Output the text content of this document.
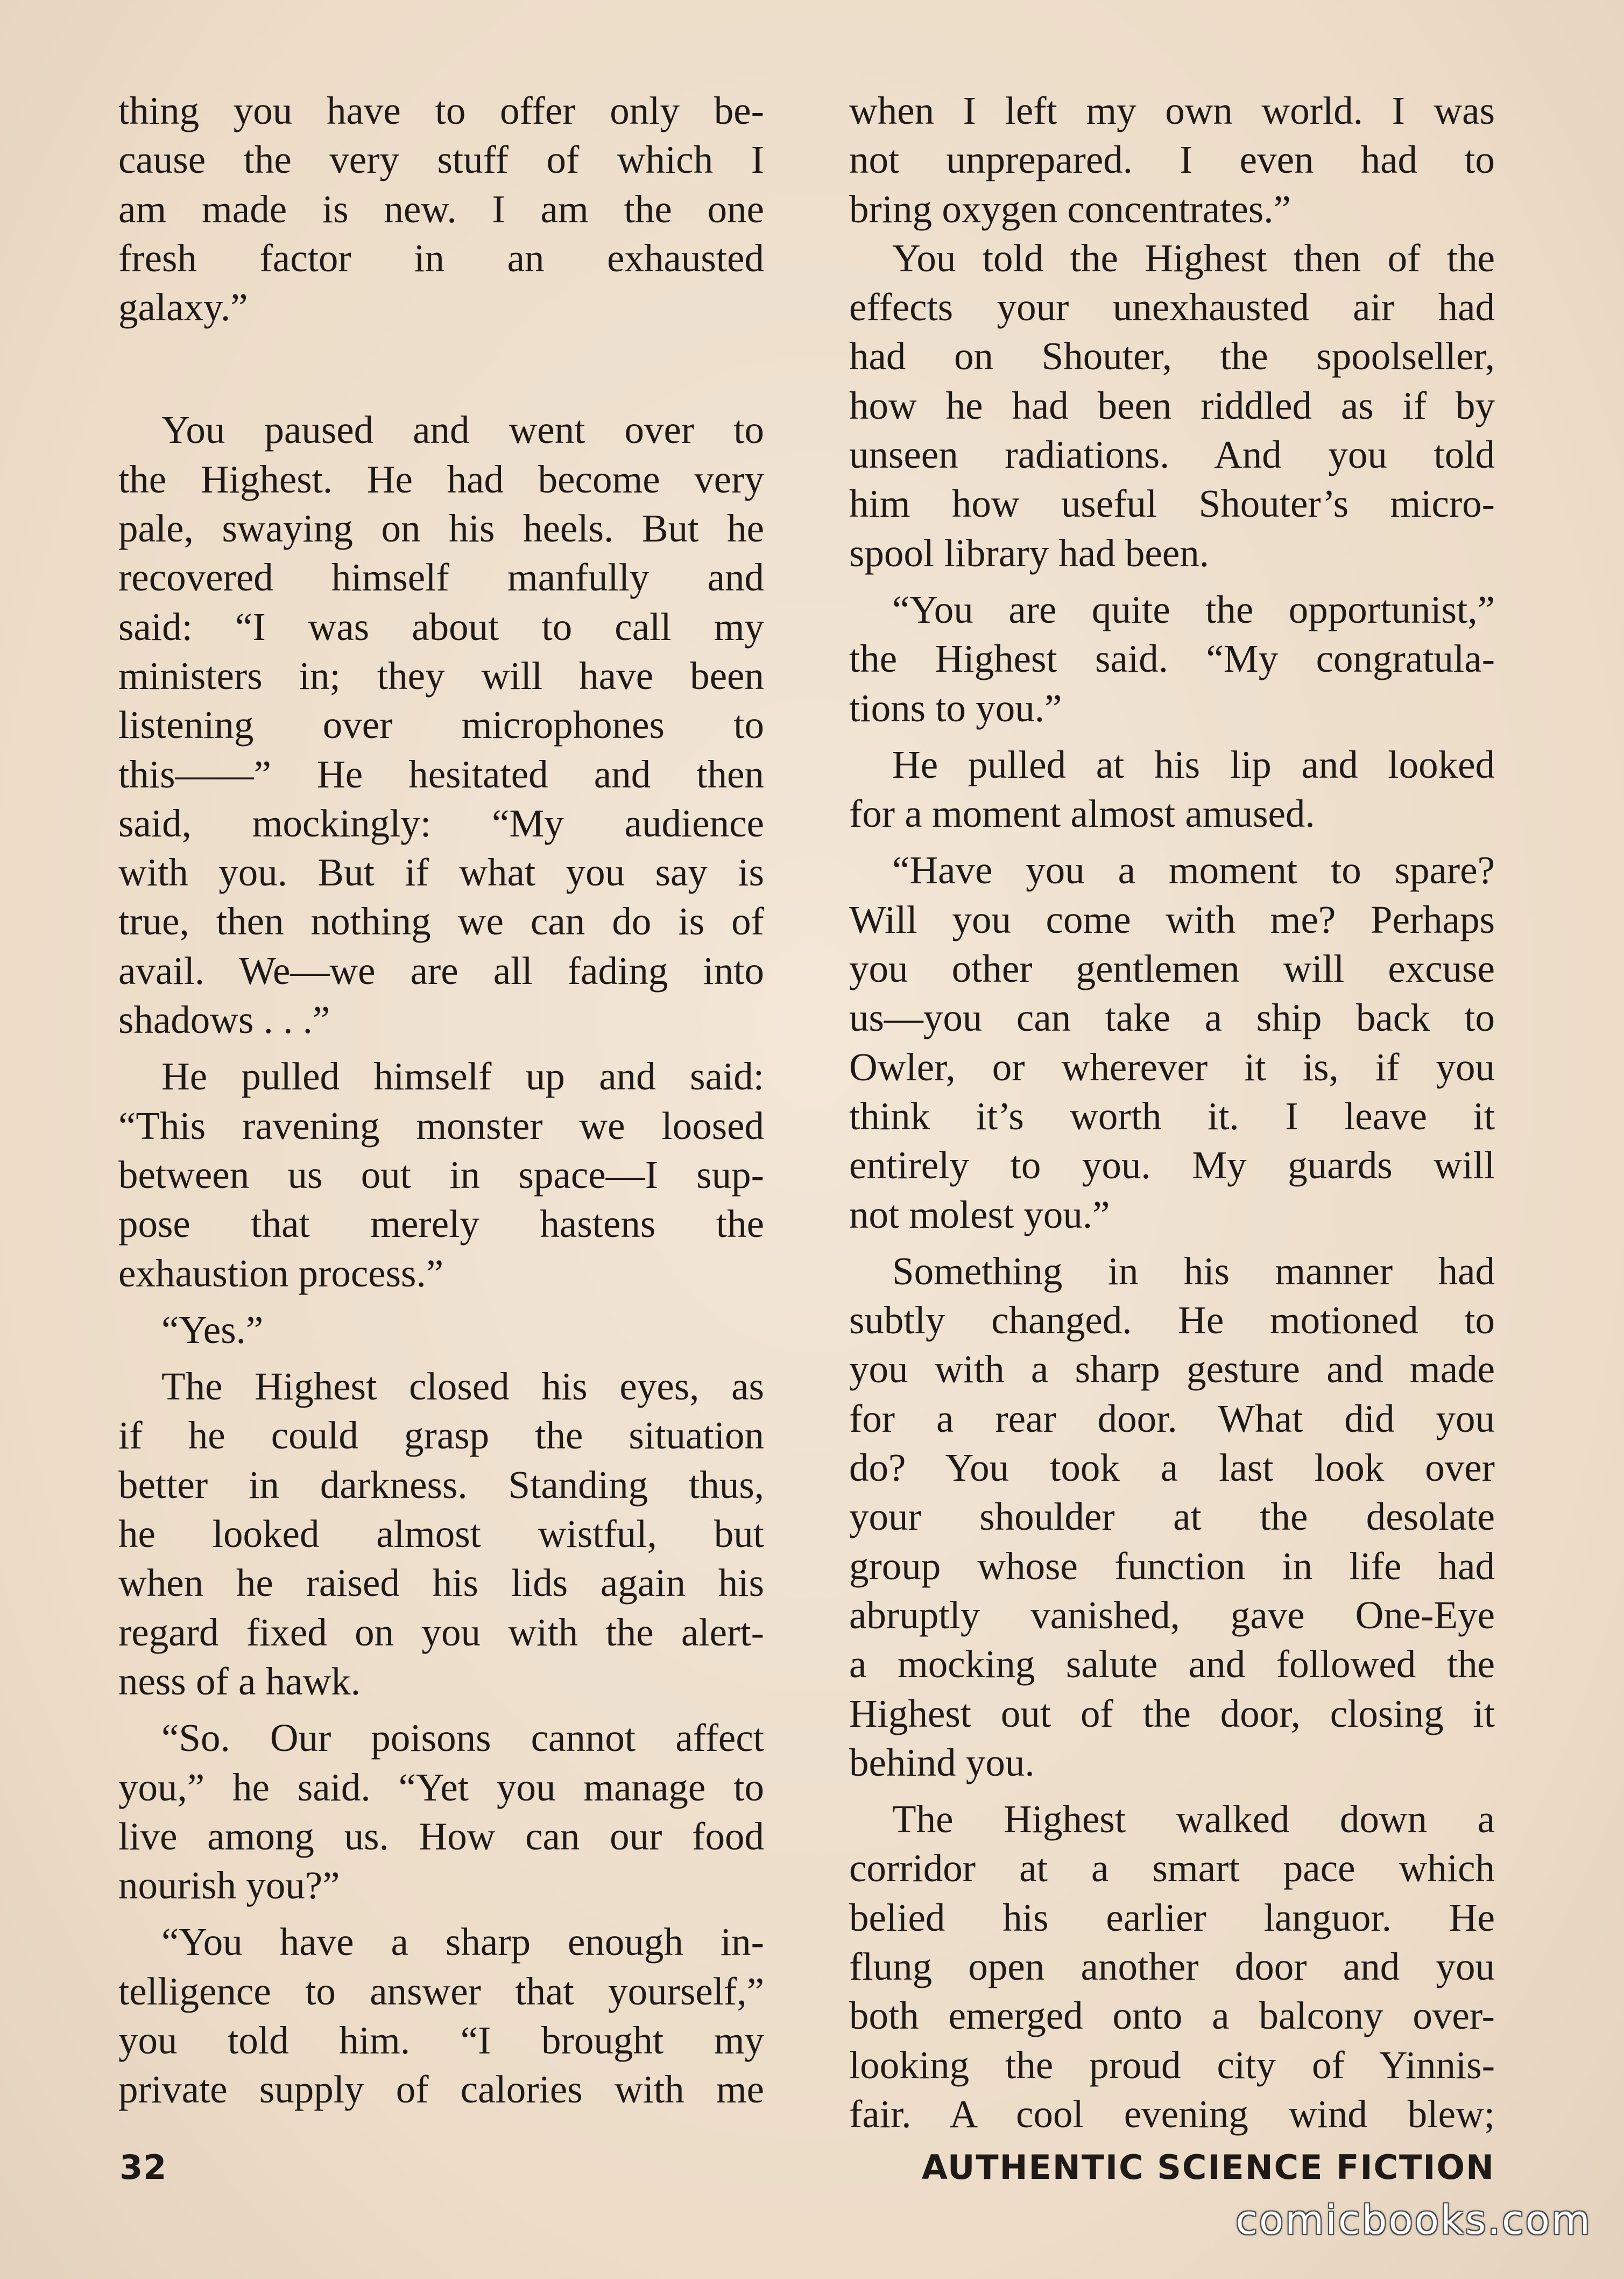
thing you have to offer only be-
cause the very stuff of which I
am made is new. I am the one
fresh factor in an exhausted
galaxy.”
You paused and went over to
the Highest. He had become very
pale, swaying on his heels. But he
recovered himself manfully and
said: “I was about to call my
ministers in; they will have been
listening over microphones to
this——” He hesitated and then
said, mockingly: “My audience
with you. But if what you say is
true, then nothing we can do is of
avail. We—we are all fading into
shadows . . .”
He pulled himself up and said:
“This ravening monster we loosed
between us out in space—I sup-
pose that merely hastens the
exhaustion process.”
“Yes.”
The Highest closed his eyes, as
if he could grasp the situation
better in darkness. Standing thus,
he looked almost wistful, but
when he raised his lids again his
regard fixed on you with the alert-
ness of a hawk.
“So. Our poisons cannot affect
you,” he said. “Yet you manage to
live among us. How can our food
nourish you?”
“You have a sharp enough in-
telligence to answer that yourself,”
you told him. “I brought my
private supply of calories with me
when I left my own world. I was
not unprepared. I even had to
bring oxygen concentrates.”
You told the Highest then of the
effects your unexhausted air had
had on Shouter, the spoolseller,
how he had been riddled as if by
unseen radiations. And you told
him how useful Shouter’s micro-
spool library had been.
“You are quite the opportunist,”
the Highest said. “My congratula-
tions to you.”
He pulled at his lip and looked
for a moment almost amused.
“Have you a moment to spare?
Will you come with me? Perhaps
you other gentlemen will excuse
us—you can take a ship back to
Owler, or wherever it is, if you
think it’s worth it. I leave it
entirely to you. My guards will
not molest you.”
Something in his manner had
subtly changed. He motioned to
you with a sharp gesture and made
for a rear door. What did you
do? You took a last look over
your shoulder at the desolate
group whose function in life had
abruptly vanished, gave One-Eye
a mocking salute and followed the
Highest out of the door, closing it
behind you.
The Highest walked down a
corridor at a smart pace which
belied his earlier languor. He
flung open another door and you
both emerged onto a balcony over-
looking the proud city of Yinnis-
fair. A cool evening wind blew;
32	AUTHENTIC SCIENCE FICTION
comicbooks.com
